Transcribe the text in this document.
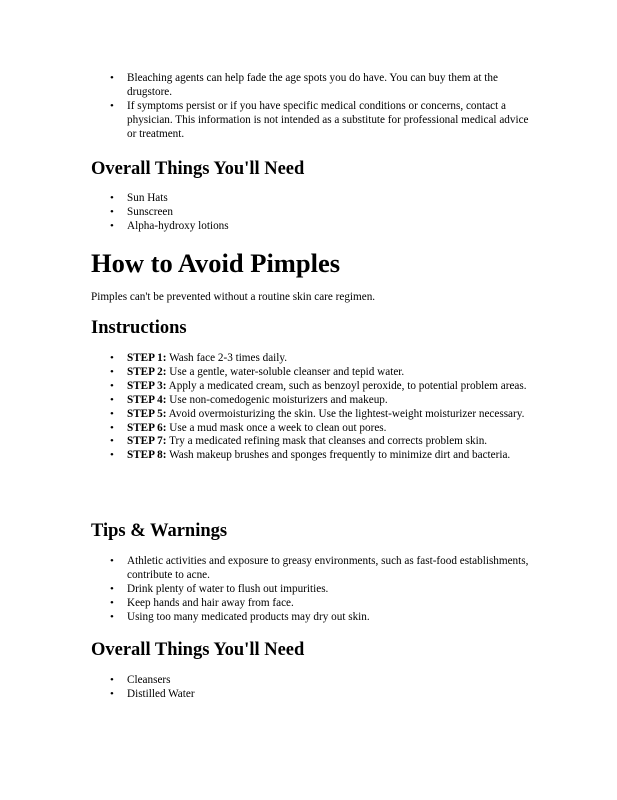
• Bleaching agents can help fade the age spots you do have. You can buy them at the drugstore.
• If symptoms persist or if you have specific medical conditions or concerns, contact a physician. This information is not intended as a substitute for professional medical advice or treatment.
Overall Things You'll Need
• Sun Hats
• Sunscreen
• Alpha-hydroxy lotions
How to Avoid Pimples

Pimples can't be prevented without a routine skin care regimen.

Instructions
• STEP 1: Wash face 2-3 times daily.
• STEP 2: Use a gentle, water-soluble cleanser and tepid water.
• STEP 3: Apply a medicated cream, such as benzoyl peroxide, to potential problem areas.
• STEP 4: Use non-comedogenic moisturizers and makeup.
• STEP 5: Avoid overmoisturizing the skin. Use the lightest-weight moisturizer necessary.
• STEP 6: Use a mud mask once a week to clean out pores.
• STEP 7: Try a medicated refining mask that cleanses and corrects problem skin.
• STEP 8: Wash makeup brushes and sponges frequently to minimize dirt and bacteria.
Tips & Warnings
• Athletic activities and exposure to greasy environments, such as fast-food establishments, contribute to acne.
• Drink plenty of water to flush out impurities.
• Keep hands and hair away from face.
• Using too many medicated products may dry out skin.
Overall Things You'll Need
• Cleansers
• Distilled Water
